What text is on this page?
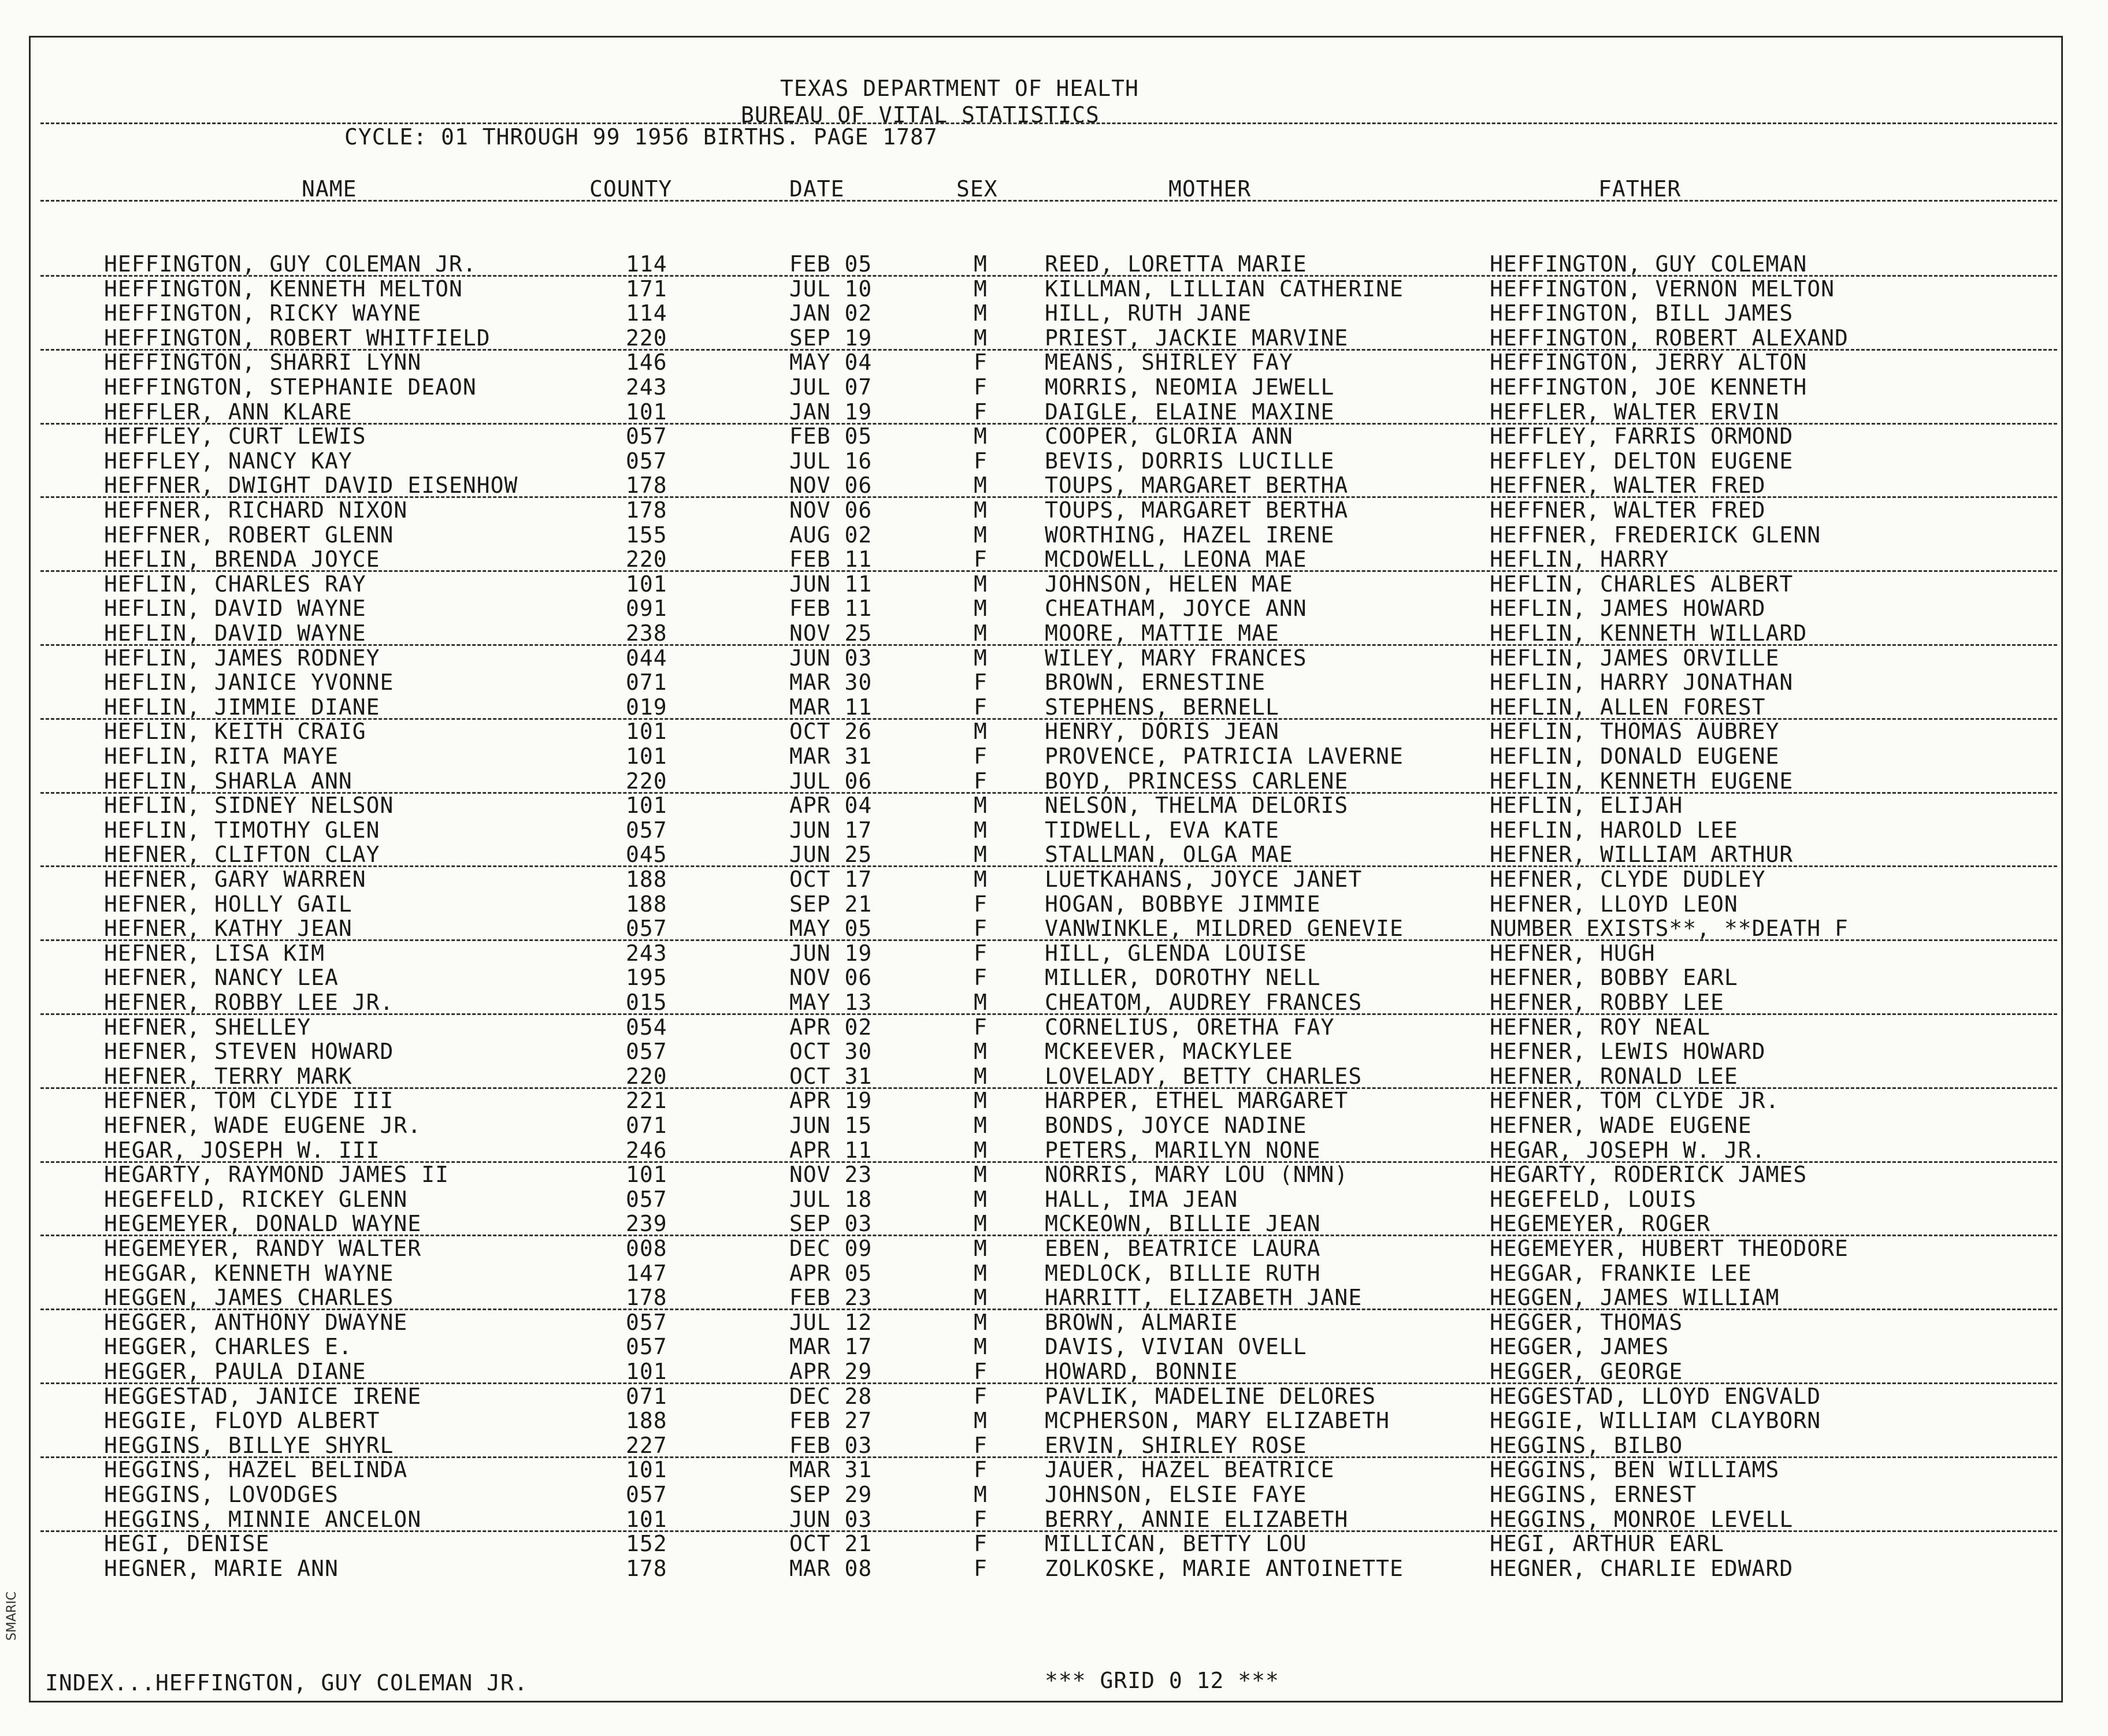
TEXAS DEPARTMENT OF HEALTH
BUREAU OF VITAL STATISTICS
CYCLE: 01 THROUGH 99 1956 BIRTHS. PAGE 1787
NAME	COUNTY	DATE	SEX	MOTHER	FATHER
HEFFINGTON, GUY COLEMAN JR.	114	FEB 05	M	REED, LORETTA MARIE	HEFFINGTON, GUY COLEMAN
HEFFINGTON, KENNETH MELTON	171	JUL 10	M	KILLMAN, LILLIAN CATHERINE	HEFFINGTON, VERNON MELTON
HEFFINGTON, RICKY WAYNE	114	JAN 02	M	HILL, RUTH JANE	HEFFINGTON, BILL JAMES
HEFFINGTON, ROBERT WHITFIELD	220	SEP 19	M	PRIEST, JACKIE MARVINE	HEFFINGTON, ROBERT ALEXAND
HEFFINGTON, SHARRI LYNN	146	MAY 04	F	MEANS, SHIRLEY FAY	HEFFINGTON, JERRY ALTON
HEFFINGTON, STEPHANIE DEAON	243	JUL 07	F	MORRIS, NEOMIA JEWELL	HEFFINGTON, JOE KENNETH
HEFFLER, ANN KLARE	101	JAN 19	F	DAIGLE, ELAINE MAXINE	HEFFLER, WALTER ERVIN
HEFFLEY, CURT LEWIS	057	FEB 05	M	COOPER, GLORIA ANN	HEFFLEY, FARRIS ORMOND
HEFFLEY, NANCY KAY	057	JUL 16	F	BEVIS, DORRIS LUCILLE	HEFFLEY, DELTON EUGENE
HEFFNER, DWIGHT DAVID EISENHOW	178	NOV 06	M	TOUPS, MARGARET BERTHA	HEFFNER, WALTER FRED
HEFFNER, RICHARD NIXON	178	NOV 06	M	TOUPS, MARGARET BERTHA	HEFFNER, WALTER FRED
HEFFNER, ROBERT GLENN	155	AUG 02	M	WORTHING, HAZEL IRENE	HEFFNER, FREDERICK GLENN
HEFLIN, BRENDA JOYCE	220	FEB 11	F	MCDOWELL, LEONA MAE	HEFLIN, HARRY
HEFLIN, CHARLES RAY	101	JUN 11	M	JOHNSON, HELEN MAE	HEFLIN, CHARLES ALBERT
HEFLIN, DAVID WAYNE	091	FEB 11	M	CHEATHAM, JOYCE ANN	HEFLIN, JAMES HOWARD
HEFLIN, DAVID WAYNE	238	NOV 25	M	MOORE, MATTIE MAE	HEFLIN, KENNETH WILLARD
HEFLIN, JAMES RODNEY	044	JUN 03	M	WILEY, MARY FRANCES	HEFLIN, JAMES ORVILLE
HEFLIN, JANICE YVONNE	071	MAR 30	F	BROWN, ERNESTINE	HEFLIN, HARRY JONATHAN
HEFLIN, JIMMIE DIANE	019	MAR 11	F	STEPHENS, BERNELL	HEFLIN, ALLEN FOREST
HEFLIN, KEITH CRAIG	101	OCT 26	M	HENRY, DORIS JEAN	HEFLIN, THOMAS AUBREY
HEFLIN, RITA MAYE	101	MAR 31	F	PROVENCE, PATRICIA LAVERNE	HEFLIN, DONALD EUGENE
HEFLIN, SHARLA ANN	220	JUL 06	F	BOYD, PRINCESS CARLENE	HEFLIN, KENNETH EUGENE
HEFLIN, SIDNEY NELSON	101	APR 04	M	NELSON, THELMA DELORIS	HEFLIN, ELIJAH
HEFLIN, TIMOTHY GLEN	057	JUN 17	M	TIDWELL, EVA KATE	HEFLIN, HAROLD LEE
HEFNER, CLIFTON CLAY	045	JUN 25	M	STALLMAN, OLGA MAE	HEFNER, WILLIAM ARTHUR
HEFNER, GARY WARREN	188	OCT 17	M	LUETKAHANS, JOYCE JANET	HEFNER, CLYDE DUDLEY
HEFNER, HOLLY GAIL	188	SEP 21	F	HOGAN, BOBBYE JIMMIE	HEFNER, LLOYD LEON
HEFNER, KATHY JEAN	057	MAY 05	F	VANWINKLE, MILDRED GENEVIE	NUMBER EXISTS**, **DEATH F
HEFNER, LISA KIM	243	JUN 19	F	HILL, GLENDA LOUISE	HEFNER, HUGH
HEFNER, NANCY LEA	195	NOV 06	F	MILLER, DOROTHY NELL	HEFNER, BOBBY EARL
HEFNER, ROBBY LEE JR.	015	MAY 13	M	CHEATOM, AUDREY FRANCES	HEFNER, ROBBY LEE
HEFNER, SHELLEY	054	APR 02	F	CORNELIUS, ORETHA FAY	HEFNER, ROY NEAL
HEFNER, STEVEN HOWARD	057	OCT 30	M	MCKEEVER, MACKYLEE	HEFNER, LEWIS HOWARD
HEFNER, TERRY MARK	220	OCT 31	M	LOVELADY, BETTY CHARLES	HEFNER, RONALD LEE
HEFNER, TOM CLYDE III	221	APR 19	M	HARPER, ETHEL MARGARET	HEFNER, TOM CLYDE JR.
HEFNER, WADE EUGENE JR.	071	JUN 15	M	BONDS, JOYCE NADINE	HEFNER, WADE EUGENE
HEGAR, JOSEPH W. III	246	APR 11	M	PETERS, MARILYN NONE	HEGAR, JOSEPH W. JR.
HEGARTY, RAYMOND JAMES II	101	NOV 23	M	NORRIS, MARY LOU (NMN)	HEGARTY, RODERICK JAMES
HEGEFELD, RICKEY GLENN	057	JUL 18	M	HALL, IMA JEAN	HEGEFELD, LOUIS
HEGEMEYER, DONALD WAYNE	239	SEP 03	M	MCKEOWN, BILLIE JEAN	HEGEMEYER, ROGER
HEGEMEYER, RANDY WALTER	008	DEC 09	M	EBEN, BEATRICE LAURA	HEGEMEYER, HUBERT THEODORE
HEGGAR, KENNETH WAYNE	147	APR 05	M	MEDLOCK, BILLIE RUTH	HEGGAR, FRANKIE LEE
HEGGEN, JAMES CHARLES	178	FEB 23	M	HARRITT, ELIZABETH JANE	HEGGEN, JAMES WILLIAM
HEGGER, ANTHONY DWAYNE	057	JUL 12	M	BROWN, ALMARIE	HEGGER, THOMAS
HEGGER, CHARLES E.	057	MAR 17	M	DAVIS, VIVIAN OVELL	HEGGER, JAMES
HEGGER, PAULA DIANE	101	APR 29	F	HOWARD, BONNIE	HEGGER, GEORGE
HEGGESTAD, JANICE IRENE	071	DEC 28	F	PAVLIK, MADELINE DELORES	HEGGESTAD, LLOYD ENGVALD
HEGGIE, FLOYD ALBERT	188	FEB 27	M	MCPHERSON, MARY ELIZABETH	HEGGIE, WILLIAM CLAYBORN
HEGGINS, BILLYE SHYRL	227	FEB 03	F	ERVIN, SHIRLEY ROSE	HEGGINS, BILBO
HEGGINS, HAZEL BELINDA	101	MAR 31	F	JAUER, HAZEL BEATRICE	HEGGINS, BEN WILLIAMS
HEGGINS, LOVODGES	057	SEP 29	M	JOHNSON, ELSIE FAYE	HEGGINS, ERNEST
HEGGINS, MINNIE ANCELON	101	JUN 03	F	BERRY, ANNIE ELIZABETH	HEGGINS, MONROE LEVELL
HEGI, DENISE	152	OCT 21	F	MILLICAN, BETTY LOU	HEGI, ARTHUR EARL
HEGNER, MARIE ANN	178	MAR 08	F	ZOLKOSKE, MARIE ANTOINETTE	HEGNER, CHARLIE EDWARD
INDEX...HEFFINGTON, GUY COLEMAN JR.	*** GRID 0 12 ***
SMARIC
